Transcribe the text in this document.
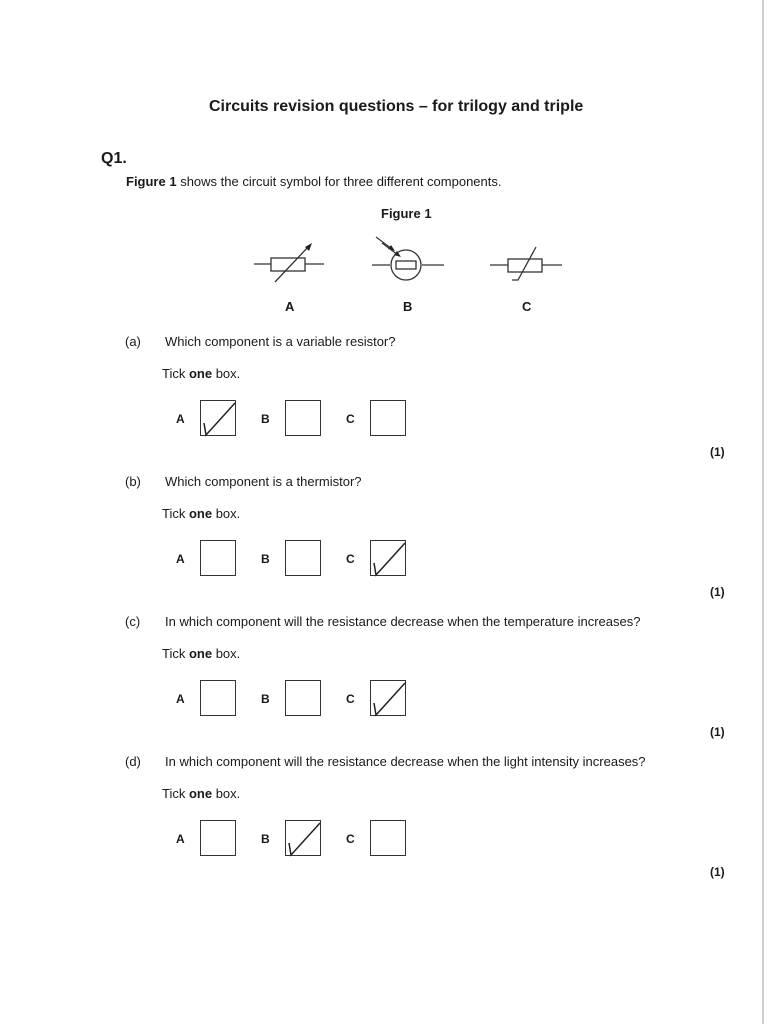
Circuits revision questions – for trilogy and triple
Q1.
Figure 1 shows the circuit symbol for three different components.
Figure 1
A	B	C
(a) Which component is a variable resistor?
Tick one box.
A	B	C
(1)
(b) Which component is a thermistor?
Tick one box.
A	B	C
(1)
(c) In which component will the resistance decrease when the temperature increases?
Tick one box.
A	B	C
(1)
(d) In which component will the resistance decrease when the light intensity increases?
Tick one box.
A	B	C
(1)
